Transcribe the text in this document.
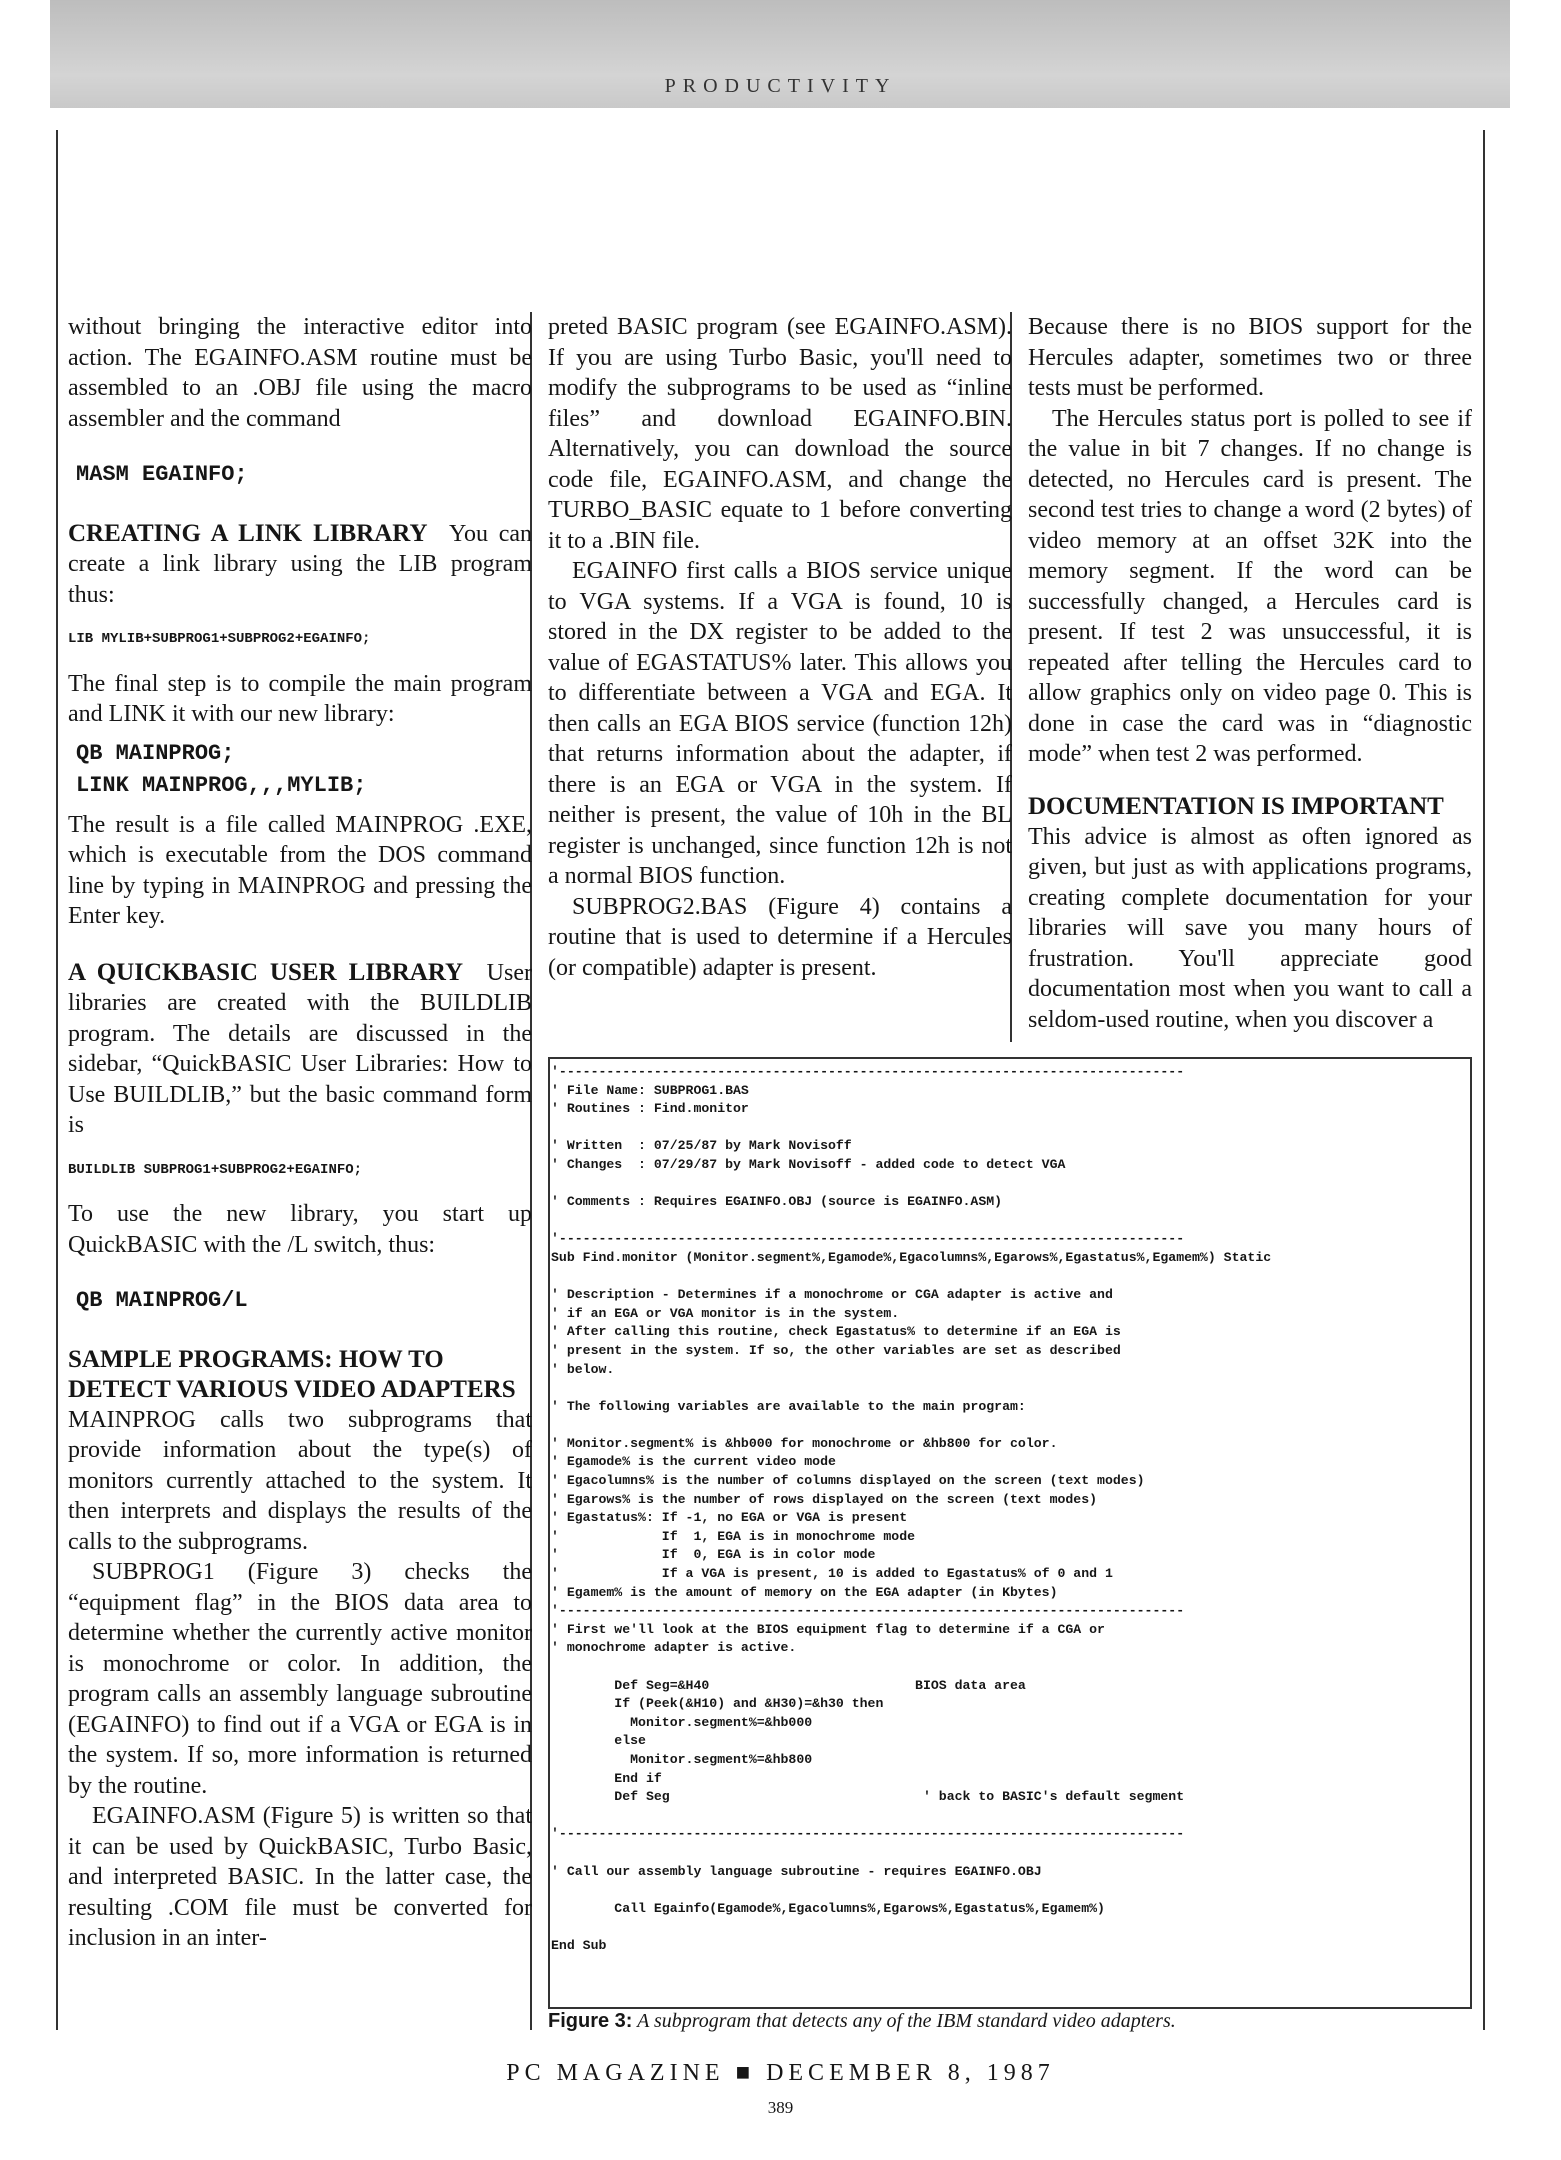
PRODUCTIVITY

without bringing the interactive editor into action. The EGAINFO.ASM routine must be assembled to an .OBJ file using the macro assembler and the command

MASM EGAINFO;

CREATING A LINK LIBRARY You can create a link library using the LIB program thus:

LIB MYLIB+SUBPROG1+SUBPROG2+EGAINFO;

The final step is to compile the main program and LINK it with our new library:

QB MAINPROG;
LINK MAINPROG,,,MYLIB;

The result is a file called MAINPROG .EXE, which is executable from the DOS command line by typing in MAINPROG and pressing the Enter key.

A QUICKBASIC USER LIBRARY User libraries are created with the BUILDLIB program. The details are discussed in the sidebar, “QuickBASIC User Libraries: How to Use BUILDLIB,” but the basic command form is

BUILDLIB SUBPROG1+SUBPROG2+EGAINFO;

To use the new library, you start up QuickBASIC with the /L switch, thus:

QB MAINPROG/L
SAMPLE PROGRAMS: HOW TO DETECT VARIOUS VIDEO ADAPTERS

MAINPROG calls two subprograms that provide information about the type(s) of monitors currently attached to the system. It then interprets and displays the results of the calls to the subprograms.

SUBPROG1 (Figure 3) checks the “equipment flag” in the BIOS data area to determine whether the currently active monitor is monochrome or color. In addition, the program calls an assembly language subroutine (EGAINFO) to find out if a VGA or EGA is in the system. If so, more information is returned by the routine.

EGAINFO.ASM (Figure 5) is written so that it can be used by QuickBASIC, Turbo Basic, and interpreted BASIC. In the latter case, the resulting .COM file must be converted for inclusion in an inter-

preted BASIC program (see EGAINFO.ASM). If you are using Turbo Basic, you'll need to modify the subprograms to be used as “inline files” and download EGAINFO.BIN. Alternatively, you can download the source code file, EGAINFO.ASM, and change the TURBO_BASIC equate to 1 before converting it to a .BIN file.

EGAINFO first calls a BIOS service unique to VGA systems. If a VGA is found, 10 is stored in the DX register to be added to the value of EGASTATUS% later. This allows you to differentiate between a VGA and EGA. It then calls an EGA BIOS service (function 12h) that returns information about the adapter, if there is an EGA or VGA in the system. If neither is present, the value of 10h in the BL register is unchanged, since function 12h is not a normal BIOS function.

SUBPROG2.BAS (Figure 4) contains a routine that is used to determine if a Hercules (or compatible) adapter is present.

Because there is no BIOS support for the Hercules adapter, sometimes two or three tests must be performed.

The Hercules status port is polled to see if the value in bit 7 changes. If no change is detected, no Hercules card is present. The second test tries to change a word (2 bytes) of video memory at an offset 32K into the memory segment. If the word can be successfully changed, a Hercules card is present. If test 2 was unsuccessful, it is repeated after telling the Hercules card to allow graphics only on video page 0. This is done in case the card was in “diagnostic mode” when test 2 was performed.

DOCUMENTATION IS IMPORTANT

This advice is almost as often ignored as given, but just as with applications programs, creating complete documentation for your libraries will save you many hours of frustration. You'll appreciate good documentation most when you want to call a seldom-used routine, when you discover a

'-------------------------------------------------------------------------------
' File Name: SUBPROG1.BAS
' Routines : Find.monitor

' Written  : 07/25/87 by Mark Novisoff
' Changes  : 07/29/87 by Mark Novisoff - added code to detect VGA

' Comments : Requires EGAINFO.OBJ (source is EGAINFO.ASM)

'-------------------------------------------------------------------------------
Sub Find.monitor (Monitor.segment%,Egamode%,Egacolumns%,Egarows%,Egastatus%,Egamem%) Static

' Description - Determines if a monochrome or CGA adapter is active and
' if an EGA or VGA monitor is in the system.
' After calling this routine, check Egastatus% to determine if an EGA is
' present in the system. If so, the other variables are set as described
' below.

' The following variables are available to the main program:

' Monitor.segment% is &hb000 for monochrome or &hb800 for color.
' Egamode% is the current video mode
' Egacolumns% is the number of columns displayed on the screen (text modes)
' Egarows% is the number of rows displayed on the screen (text modes)
' Egastatus%: If -1, no EGA or VGA is present
'             If  1, EGA is in monochrome mode
'             If  0, EGA is in color mode
'             If a VGA is present, 10 is added to Egastatus% of 0 and 1
' Egamem% is the amount of memory on the EGA adapter (in Kbytes)
'-------------------------------------------------------------------------------
' First we'll look at the BIOS equipment flag to determine if a CGA or
' monochrome adapter is active.

Def Seg=&H40                          BIOS data area
If (Peek(&H10) and &H30)=&h30 then
Monitor.segment%=&hb000
else
Monitor.segment%=&hb800
End if
Def Seg                                ' back to BASIC's default segment

'-------------------------------------------------------------------------------

' Call our assembly language subroutine - requires EGAINFO.OBJ

Call Egainfo(Egamode%,Egacolumns%,Egarows%,Egastatus%,Egamem%)

End Sub
Figure 3: A subprogram that detects any of the IBM standard video adapters.
PC MAGAZINE ■ DECEMBER 8, 1987
389
